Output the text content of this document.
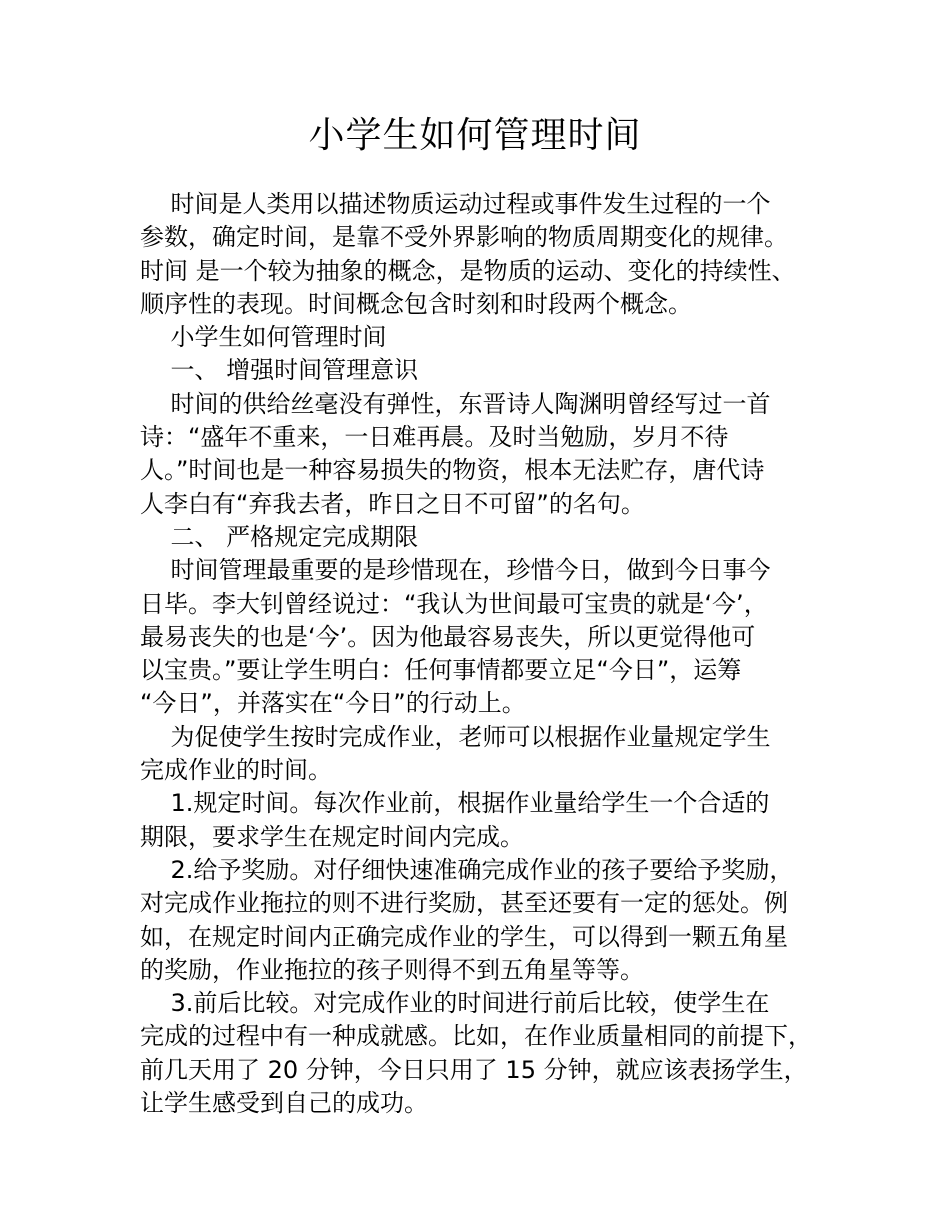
小学生如何管理时间
时间是人类用以描述物质运动过程或事件发生过程的一个
参数，确定时间，是靠不受外界影响的物质周期变化的规律。
时间 是一个较为抽象的概念，是物质的运动、变化的持续性、
顺序性的表现。时间概念包含时刻和时段两个概念。
小学生如何管理时间
一、 增强时间管理意识
时间的供给丝毫没有弹性，东晋诗人陶渊明曾经写过一首
诗：“盛年不重来，一日难再晨。及时当勉励，岁月不待
人。”时间也是一种容易损失的物资，根本无法贮存，唐代诗
人李白有“弃我去者，昨日之日不可留”的名句。
二、 严格规定完成期限
时间管理最重要的是珍惜现在，珍惜今日，做到今日事今
日毕。李大钊曾经说过：“我认为世间最可宝贵的就是‘今’，
最易丧失的也是‘今’。因为他最容易丧失，所以更觉得他可
以宝贵。”要让学生明白：任何事情都要立足“今日”，运筹
“今日”，并落实在“今日”的行动上。
为促使学生按时完成作业，老师可以根据作业量规定学生
完成作业的时间。
1.规定时间。每次作业前，根据作业量给学生一个合适的
期限，要求学生在规定时间内完成。
2.给予奖励。对仔细快速准确完成作业的孩子要给予奖励，
对完成作业拖拉的则不进行奖励，甚至还要有一定的惩处。例
如，在规定时间内正确完成作业的学生，可以得到一颗五角星
的奖励，作业拖拉的孩子则得不到五角星等等。
3.前后比较。对完成作业的时间进行前后比较，使学生在
完成的过程中有一种成就感。比如，在作业质量相同的前提下，
前几天用了 20 分钟，今日只用了 15 分钟，就应该表扬学生，
让学生感受到自己的成功。
